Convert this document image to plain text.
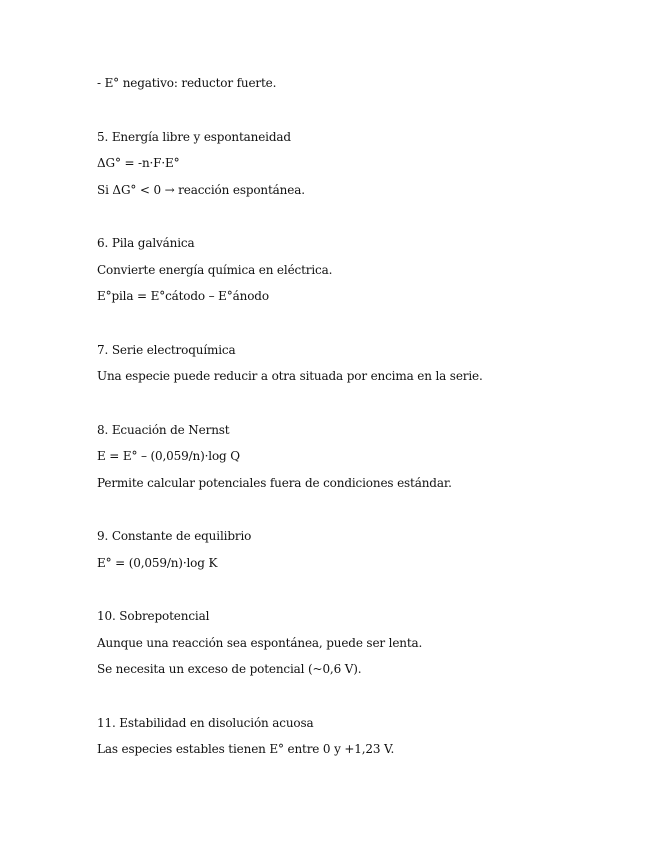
- E° negativo: reductor fuerte.
5. Energía libre y espontaneidad
ΔG° = -n·F·E°
Si ΔG° < 0 → reacción espontánea.
6. Pila galvánica
Convierte energía química en eléctrica.
E°pila = E°cátodo – E°ánodo
7. Serie electroquímica
Una especie puede reducir a otra situada por encima en la serie.
8. Ecuación de Nernst
E = E° – (0,059/n)·log Q
Permite calcular potenciales fuera de condiciones estándar.
9. Constante de equilibrio
E° = (0,059/n)·log K
10. Sobrepotencial
Aunque una reacción sea espontánea, puede ser lenta.
Se necesita un exceso de potencial (~0,6 V).
11. Estabilidad en disolución acuosa
Las especies estables tienen E° entre 0 y +1,23 V.
